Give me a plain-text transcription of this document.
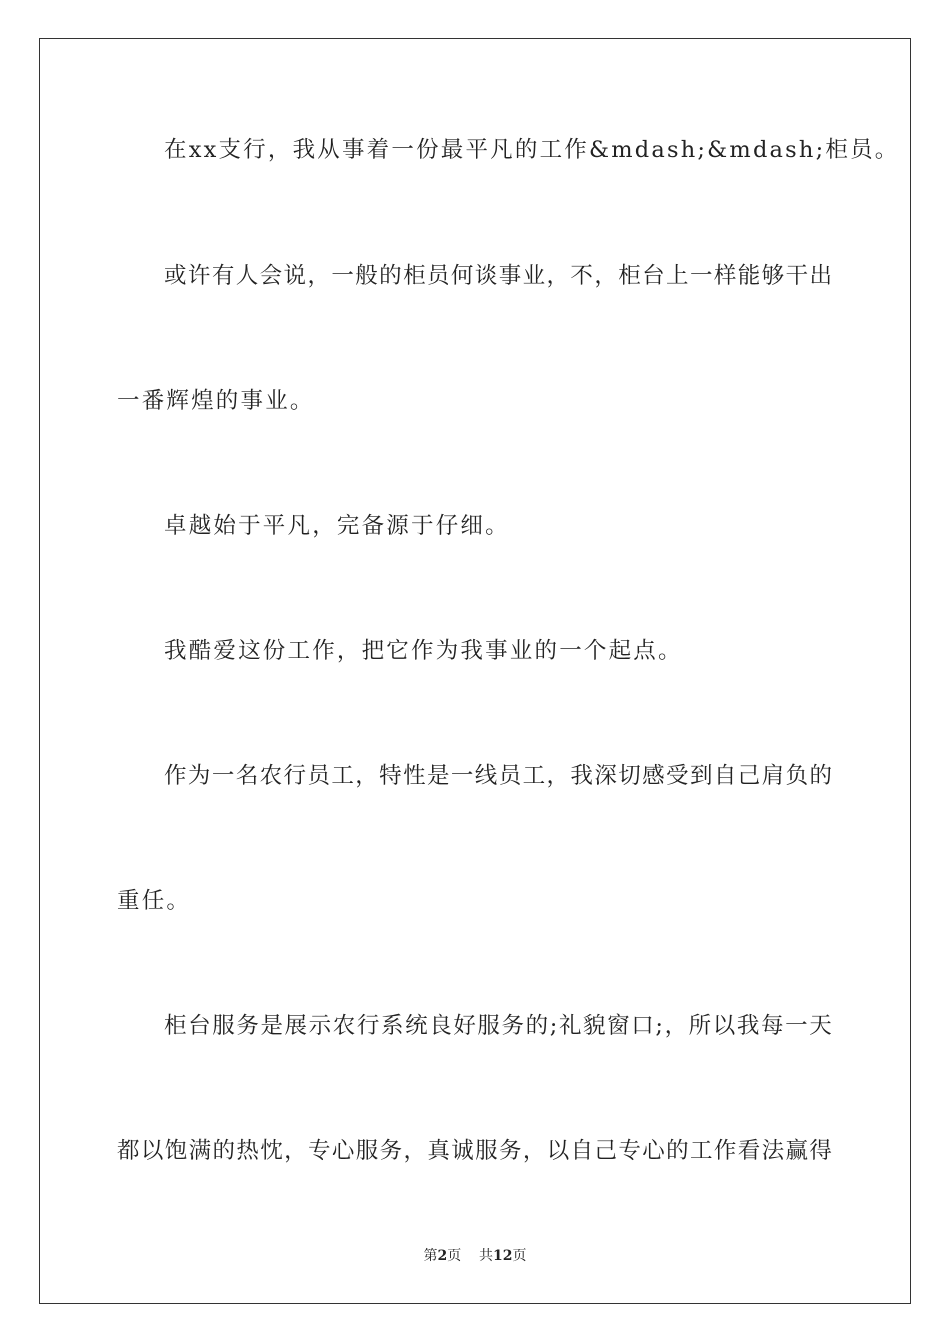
在xx支行，我从事着一份最平凡的工作&mdash;&mdash;柜员。
或 许 有 人 会 说 ， 一 般 的 柜 员 何 谈 事 业 ， 不 ， 柜 台 上 一 样 能 够 干 出
一番辉煌的事业。
卓越始于平凡，完备源于仔细。
我酷爱这份工作，把它作为我事业的一个起点。
作 为 一 名 农 行 员 工 ， 特 性 是 一 线 员 工 ， 我 深 切 感 受 到 自 己 肩 负 的
重任。
柜 台 服 务 是 展 示 农 行 系 统 良 好 服 务 的 ; 礼 貌 窗 口 ; ， 所 以 我 每 一 天
都 以 饱 满 的 热 忱 ， 专 心 服 务 ， 真 诚 服 务 ， 以 自 己 专 心 的 工 作 看 法 赢 得
第2页 共12页
